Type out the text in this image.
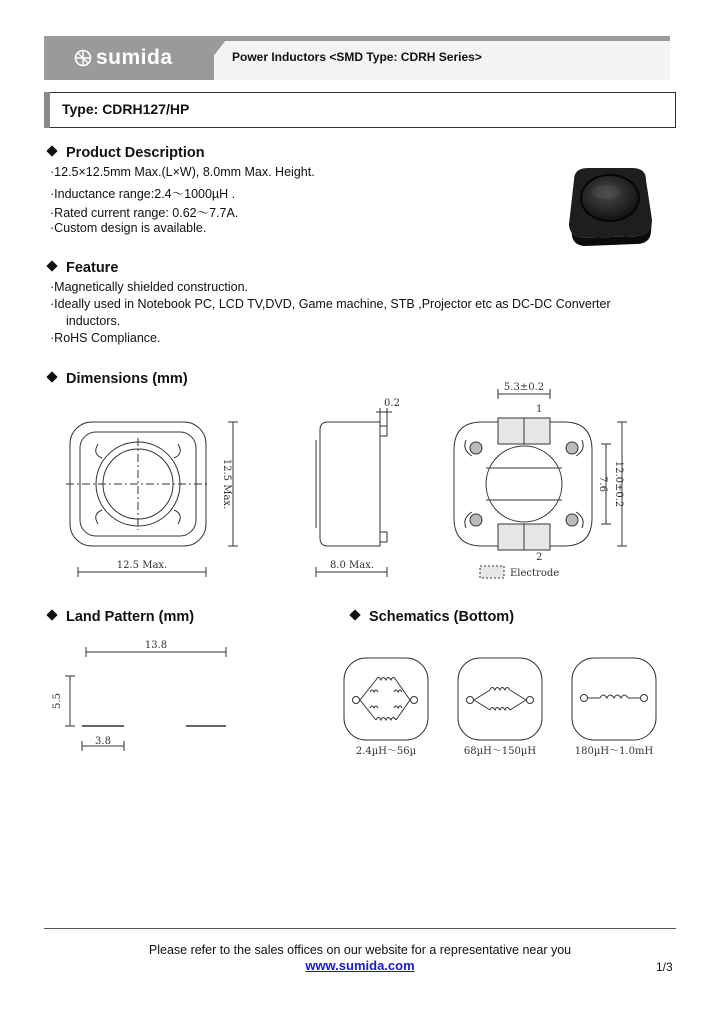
sumida	Power Inductors <SMD Type: CDRH Series>
Type: CDRH127/HP
Product Description
·12.5×12.5mm Max.(L×W), 8.0mm Max. Height.
·Inductance range:2.4～1000µH .
·Rated current range: 0.62～7.7A.
·Custom design is available.
Feature
·Magnetically shielded construction.
·Ideally used in Notebook PC, LCD TV,DVD, Game machine, STB ,Projector etc as DC-DC Converter
inductors.
·RoHS Compliance.
Dimensions (mm)
12.5 Max.
12.5 Max.
0.2
8.0 Max.
5.3±0.2
7.6 12.0±0.2
1
2
Electrode
Land Pattern (mm)
13.8
5.5
3.8
Schematics (Bottom)
2.4µH～56µ	68µH～150µH	180µH～1.0mH
Please refer to the sales offices on our website for a representative near you
www.sumida.com	1/3
